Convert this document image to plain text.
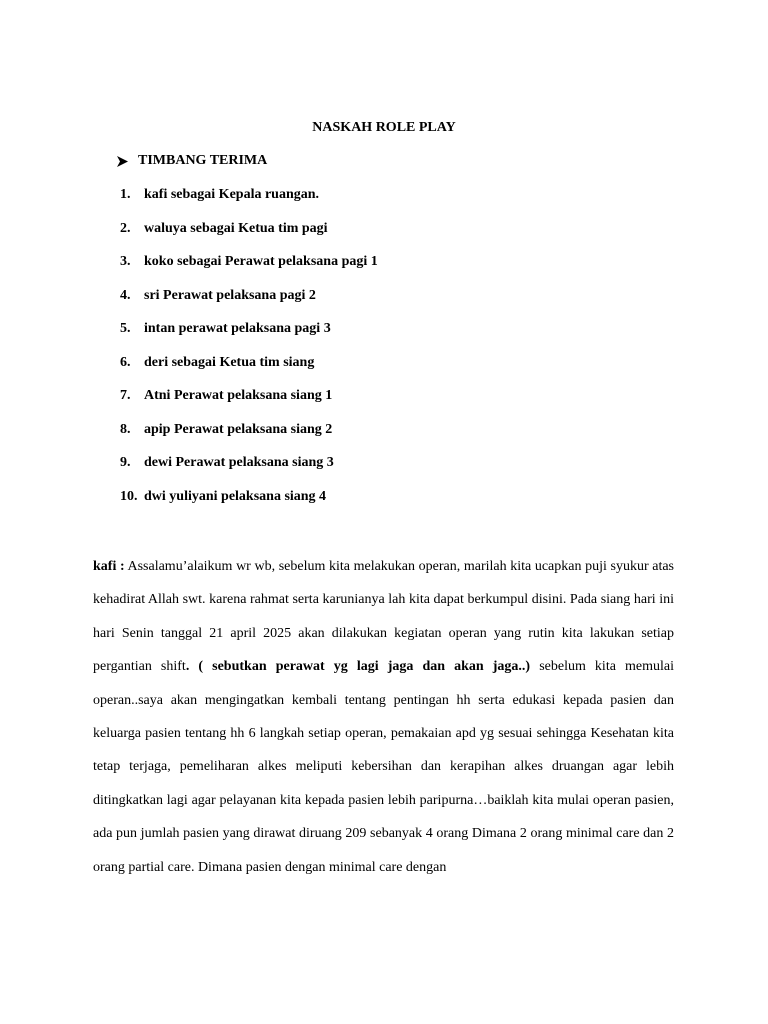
NASKAH ROLE PLAY
TIMBANG TERIMA
1. kafi sebagai Kepala ruangan.
2. waluya sebagai Ketua tim pagi
3. koko sebagai Perawat pelaksana pagi 1
4. sri Perawat pelaksana pagi 2
5. intan perawat pelaksana pagi 3
6. deri sebagai Ketua tim siang
7. Atni Perawat pelaksana siang 1
8. apip Perawat pelaksana siang 2
9. dewi Perawat pelaksana siang 3
10. dwi yuliyani pelaksana siang 4

kafi : Assalamu’alaikum wr wb, sebelum kita melakukan operan, marilah kita ucapkan puji syukur atas kehadirat Allah swt. karena rahmat serta karunianya lah kita dapat berkumpul disini. Pada siang hari ini hari Senin tanggal 21 april 2025 akan dilakukan kegiatan operan yang rutin kita lakukan setiap pergantian shift. ( sebutkan perawat yg lagi jaga dan akan jaga..) sebelum kita memulai operan..saya akan mengingatkan kembali tentang pentingan hh serta edukasi kepada pasien dan keluarga pasien tentang hh 6 langkah setiap operan, pemakaian apd yg sesuai sehingga Kesehatan kita tetap terjaga, pemeliharan alkes meliputi kebersihan dan kerapihan alkes druangan agar lebih ditingkatkan lagi agar pelayanan kita kepada pasien lebih paripurna…baiklah kita mulai operan pasien, ada pun jumlah pasien yang dirawat diruang 209 sebanyak 4 orang Dimana 2 orang minimal care dan 2 orang partial care. Dimana pasien dengan minimal care dengan
